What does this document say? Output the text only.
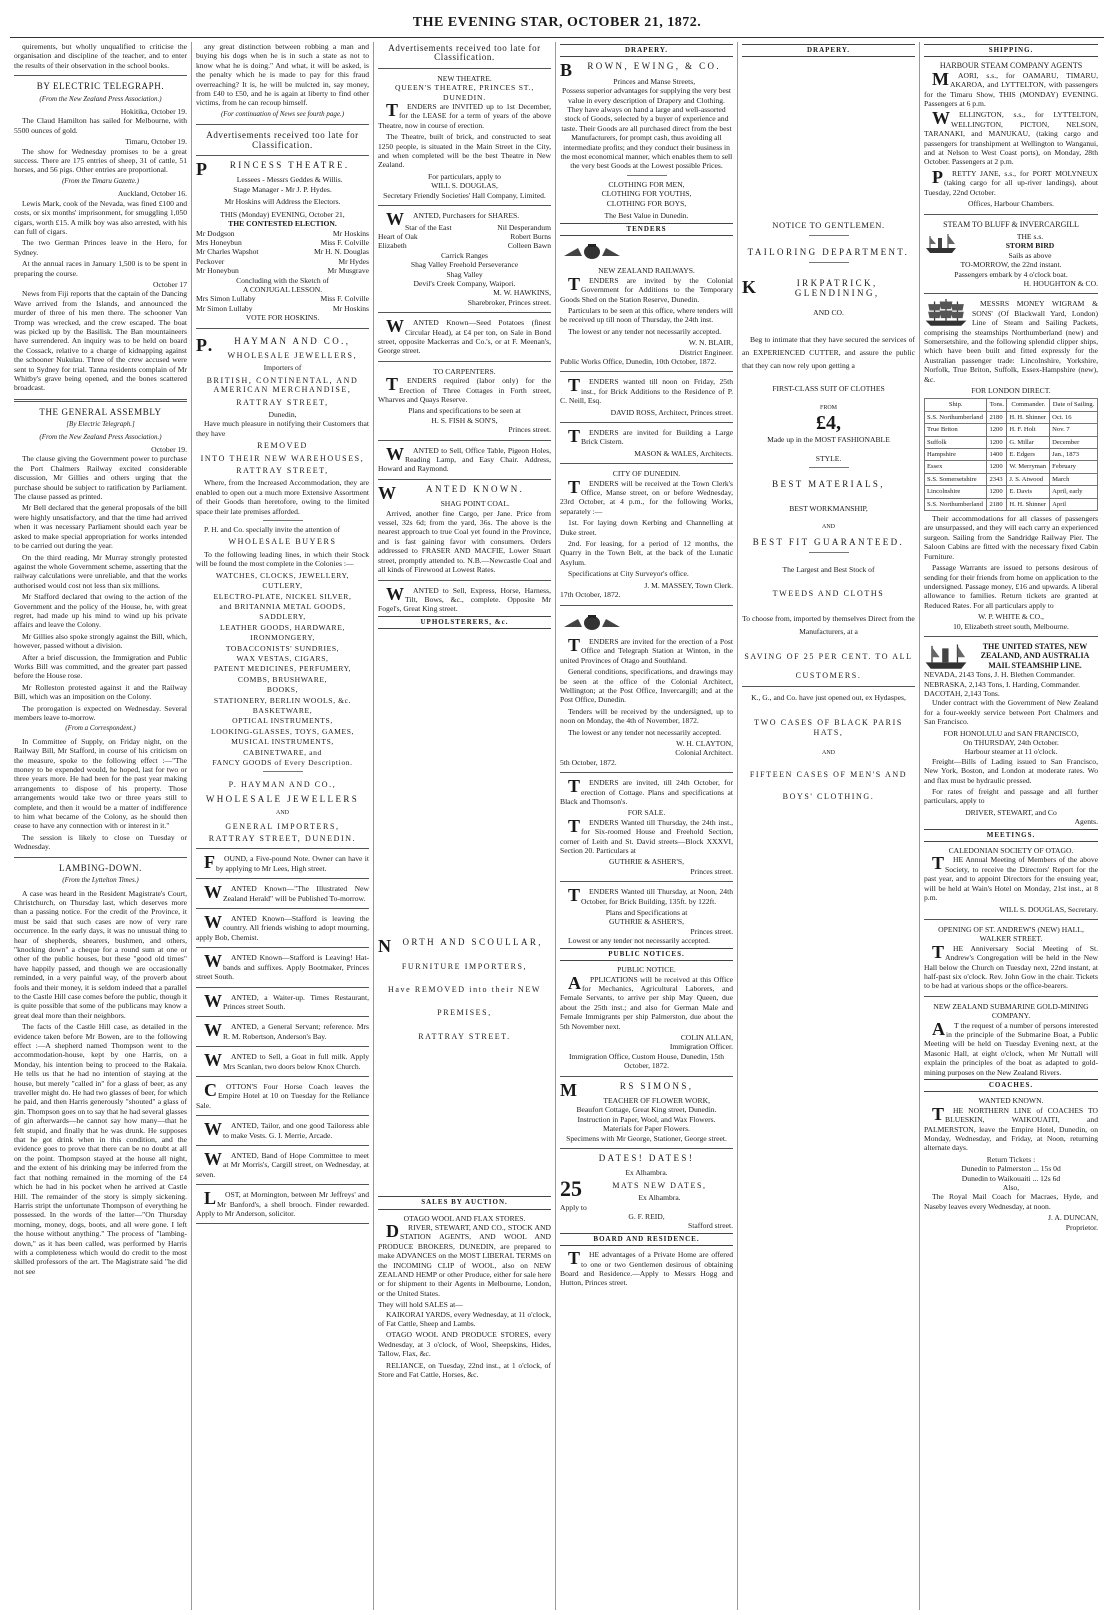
THE EVENING STAR, OCTOBER 21, 1872.
quirements, but wholly unqualified to criticise the organisation and discipline of the teacher, and to enter the results of their observation in the school books.
BY ELECTRIC TELEGRAPH.
(From the New Zealand Press Association.)
Hokitika, October 19.
The Claud Hamilton has sailed for Melbourne, with 5500 ounces of gold.
Timaru, October 19.
The show for Wednesday promises to be a great success. There are 175 entries of sheep, 31 of cattle, 51 horses, and 56 pigs. Other entries are proportional.
(From the Timaru Gazette.)
Auckland, October 16.
Lewis Mark, cook of the Nevada, was fined £100 and costs, or six months' imprisonment, for smuggling 1,050 cigars, worth £15. A milk boy was also arrested, with his can full of cigars.
The two German Princes leave in the Hero, for Sydney.
At the annual races in January 1,500 is to be spent in preparing the course.
October 17
News from Fiji reports that the captain of the Dancing Wave arrived from the Islands, and announced the murder of three of his men there. The schooner Van Tromp was wrecked, and the crew escaped. The boat was picked up by the Basilisk. The Ban mountaineers have surrendered. An inquiry was to be held on board the Cossack, relative to a charge of kidnapping against the schooner Nukulau. Three of the crew accused were sent to Sydney for trial. Tanna residents complain of Mr Whitby's grave being opened, and the bones scattered broadcast.
THE GENERAL ASSEMBLY
[By Electric Telegraph.]
(From the New Zealand Press Association.)
October 19.
The clause giving the Government power to purchase the Port Chalmers Railway excited considerable discussion, Mr Gillies and others urging that the purchase should be subject to ratification by Parliament. The clause passed as printed.
Mr Bell declared that the general proposals of the bill were highly unsatisfactory, and that the time had arrived when it was necessary Parliament should each year be asked to make special appropriation for works intended to be carried out during the year.
On the third reading, Mr Murray strongly protested against the whole Government scheme, asserting that the railway calculations were unreliable, and that the works authorised would cost not less than six millions.
Mr Stafford declared that owing to the action of the Government and the policy of the House, he, with great regret, had made up his mind to wind up his private affairs and leave the Colony.
Mr Gillies also spoke strongly against the Bill, which, however, passed without a division.
After a brief discussion, the Immigration and Public Works Bill was committed, and the greater part passed before the House rose.
Mr Rolleston protested against it and the Railway Bill, which was an imposition on the Colony.
The prorogation is expected on Wednesday. Several members leave to-morrow.
(From a Correspondent.)
In Committee of Supply, on Friday night, on the Railway Bill, Mr Stafford, in course of his criticism on the measure, spoke to the following effect :—"The money to be expended would, he hoped, last for two or three years more. He had been for the past year making arrangements to dispose of his property. Those arrangements would take two or three years still to complete, and then it would be a matter of indifference to him what became of the Colony, as he should then cease to have any connection with or interest in it."
The session is likely to close on Tuesday or Wednesday.
LAMBING-DOWN.
(From the Lyttelton Times.)
A case was heard in the Resident Magistrate's Court, Christchurch, on Thursday last, which deserves more than a passing notice. For the credit of the Province, it must be said that such cases are now of very rare occurrence. In the early days, it was no unusual thing to hear of shepherds, shearers, bushmen, and others, "knocking down" a cheque for a round sum at one or other of the public houses, but these "good old times" have happily passed, and though we are occasionally reminded, in a very painful way, of the proverb about fools and their money, it is seldom indeed that a parallel to the Castle Hill case comes before the public, though it is quite possible that some of the publicans may know a great deal more than their neighbors.
The facts of the Castle Hill case, as detailed in the evidence taken before Mr Bowen, are to the following effect :—A shepherd named Thompson went to the accommodation-house, kept by one Harris, on a Monday, his intention being to proceed to the Rakaia. He tells us that he had no intention of staying at the house, but merely "called in" for a glass of beer, as any traveller might do. He had two glasses of beer, for which he paid, and then Harris generously "shouted" a glass of gin. Thompson goes on to say that he had several glasses of gin afterwards—he cannot say how many—that he felt stupid, and finally that he was drunk. He supposes that he got drink when in this condition, and the evidence goes to prove that there can be no doubt at all on the point. Thompson stayed at the house all night, and the extent of his drinking may be inferred from the fact that nothing remained in the morning of the £4 which he had in his pocket when he arrived at Castle Hill. The remainder of the story is simply sickening. Harris stript the unfortunate Thompson of everything he possessed. In the words of the latter—"On Thursday morning, money, dogs, boots, and all were gone. I left the house without anything." The process of "lambing-down," as it has been called, was performed by Harris with a completeness which would do credit to the most skilled professors of the art. The Magistrate said "he did not see
any great distinction between robbing a man and buying his dogs when he is in such a state as not to know what he is doing." And what, it will be asked, is the penalty which he is made to pay for this fraud overreaching? It is, he will be mulcted in, say money, from £40 to £50, and he is again at liberty to find other victims, from he can recoup himself.
(For continuation of News see fourth page.)
Advertisements received too late for Classification.
PRINCESS THEATRE.
Lessees - Messrs Geddes & Willis.
Stage Manager - Mr J. P. Hydes.
Mr Hoskins will Address the Electors.
THIS (Monday) EVENING, October 21,
THE CONTESTED ELECTION.
Mr Dodgson	Mr Hoskins
Mrs Honeybun	Miss F. Colville
Mr Charles Wapshot	Mr H. N. Douglas
Peckover	Mr Hydes
Mr Honeybun	Mr Musgrave
Concluding with the Sketch of
A CONJUGAL LESSON.
Mrs Simon Lullaby	Miss F. Colville
Mr Simon Lullaby	Mr Hoskins
VOTE FOR HOSKINS.
P.HAYMAN AND CO.,
WHOLESALE JEWELLERS,
Importers of
BRITISH, CONTINENTAL, AND AMERICAN MERCHANDISE,
RATTRAY STREET,
Dunedin,
Have much pleasure in notifying their Customers that they have
REMOVED
INTO THEIR NEW WAREHOUSES,
RATTRAY STREET,
Where, from the Increased Accommodation, they are enabled to open out a much more Extensive Assortment of their Goods than heretofore, owing to the limited space their late premises afforded.
P. H. and Co. specially invite the attention of
WHOLESALE BUYERS
To the following leading lines, in which their Stock will be found the most complete in the Colonies :—
WATCHES, CLOCKS, JEWELLERY,
CUTLERY,
ELECTRO-PLATE, NICKEL SILVER,
and BRITANNIA METAL GOODS,
SADDLERY,
LEATHER GOODS, HARDWARE,
IRONMONGERY,
TOBACCONISTS' SUNDRIES,
WAX VESTAS, CIGARS,
PATENT MEDICINES, PERFUMERY,
COMBS, BRUSHWARE,
BOOKS,
STATIONERY, BERLIN WOOLS, &c.
BASKETWARE,
OPTICAL INSTRUMENTS,
LOOKING-GLASSES, TOYS, GAMES,
MUSICAL INSTRUMENTS,
CABINETWARE, and
FANCY GOODS of Every Description.
P. HAYMAN AND CO.,
WHOLESALE JEWELLERS
AND
GENERAL IMPORTERS,
RATTRAY STREET, DUNEDIN.
FOUND, a Five-pound Note. Owner can have it by applying to Mr Lees, High street.
WANTED Known—"The Illustrated New Zealand Herald" will be Published To-morrow.
WANTED Known—Stafford is leaving the country. All friends wishing to adopt mourning, apply Bob, Chemist.
WANTED Known—Stafford is Leaving! Hat-bands and suffixes. Apply Bootmaker, Princes street South.
WANTED, a Waiter-up. Times Restaurant, Princes street South.
WANTED, a General Servant; reference. Mrs R. M. Robertson, Anderson's Bay.
WANTED to Sell, a Goat in full milk. Apply Mrs Scanlan, two doors below Knox Church.
COTTON'S Four Horse Coach leaves the Empire Hotel at 10 on Tuesday for the Reliance Sale.
WANTED, Tailor, and one good Tailoress able to make Vests. G. I. Merrie, Arcade.
WANTED, Band of Hope Committee to meet at Mr Morris's, Cargill street, on Wednesday, at seven.
LOST, at Mornington, between Mr Jeffreys' and Mr Banford's, a shell brooch. Finder rewarded. Apply to Mr Anderson, solicitor.
Advertisements received too late for Classification.
NEW THEATRE.
QUEEN'S THEATRE, PRINCES ST., DUNEDIN.
TENDERS are INVITED up to 1st December, for the LEASE for a term of years of the above Theatre, now in course of erection.
The Theatre, built of brick, and constructed to seat 1250 people, is situated in the Main Street in the City, and when completed will be the best Theatre in New Zealand.
For particulars, apply to
WILL S. DOUGLAS,
Secretary Friendly Societies' Hall Company, Limited.
WANTED, Purchasers for SHARES.
Star of the East	Nil Desperandum
Heart of Oak	Robert Burns
Elizabeth	Colleen Bawn
Carrick Ranges
Shag Valley Freehold Perseverance
Shag Valley
Devil's Creek Company, Waipori.
M. W. HAWKINS,
Sharebroker, Princes street.
WANTED Known—Seed Potatoes (finest Circular Head), at £4 per ton, on Sale in Bond street, opposite Mackerras and Co.'s, or at F. Meenan's, George street.
TO CARPENTERS.
TENDERS required (labor only) for the Erection of Three Cottages in Forth street, Wharves and Quays Reserve.
Plans and specifications to be seen at
H. S. FISH & SON'S,
Princes street.
WANTED to Sell, Office Table, Pigeon Holes, Reading Lamp, and Easy Chair. Address, Howard and Raymond.
WANTED KNOWN.
SHAG POINT COAL.
Arrived, another fine Cargo, per Jane. Price from vessel, 32s 6d; from the yard, 36s. The above is the nearest approach to true Coal yet found in the Province, and is fast gaining favor with consumers. Orders addressed to FRASER AND MACFIE, Lower Stuart street, promptly attended to. N.B.—Newcastle Coal and all kinds of Firewood at Lowest Rates.
WANTED to Sell, Express, Horse, Harness, Tilt, Bows, &c., complete. Opposite Mr Fogel's, Great King street.
UPHOLSTERERS, &c.
NORTH AND SCOULLAR,
FURNITURE IMPORTERS,
Have REMOVED into their NEW
PREMISES,
RATTRAY STREET.
SALES BY AUCTION.
OTAGO WOOL AND FLAX STORES.
DRIVER, STEWART, AND CO., STOCK AND STATION AGENTS, AND WOOL AND PRODUCE BROKERS, DUNEDIN, are prepared to make ADVANCES on the MOST LIBERAL TERMS on the INCOMING CLIP of WOOL, also on NEW ZEALAND HEMP or other Produce, either for sale here or for shipment to their Agents in Melbourne, London, or the United States.
They will hold SALES at—
KAIKORAI YARDS, every Wednesday, at 11 o'clock, of Fat Cattle, Sheep and Lambs.
OTAGO WOOL AND PRODUCE STORES, every Wednesday, at 3 o'clock, of Wool, Sheepskins, Hides, Tallow, Flax, &c.
RELIANCE, on Tuesday, 22nd inst., at 1 o'clock, of Store and Fat Cattle, Horses, &c.
DRAPERY.
BROWN, EWING, & CO.
Princes and Manse Streets,
Possess superior advantages for supplying the very best value in every description of Drapery and Clothing. They have always on hand a large and well-assorted stock of Goods, selected by a buyer of experience and taste. Their Goods are all purchased direct from the best Manufacturers, for prompt cash, thus avoiding all intermediate profits; and they conduct their business in the most economical manner, which enables them to sell the very best Goods at the Lowest possible Prices.
CLOTHING FOR MEN,
CLOTHING FOR YOUTHS,
CLOTHING FOR BOYS,
The Best Value in Dunedin.
TENDERS
NEW ZEALAND RAILWAYS.
TENDERS are invited by the Colonial Government for Additions to the Temporary Goods Shed on the Station Reserve, Dunedin.
Particulars to be seen at this office, where tenders will be received up till noon of Thursday, the 24th inst.
The lowest or any tender not necessarily accepted.
W. N. BLAIR,
District Engineer.
Public Works Office, Dunedin, 10th October, 1872.
TENDERS wanted till noon on Friday, 25th inst., for Brick Additions to the Residence of P. C. Neill, Esq.
DAVID ROSS, Architect, Princes street.
TENDERS are invited for Building a Large Brick Cistern.
MASON & WALES, Architects.
CITY OF DUNEDIN.
TENDERS will be received at the Town Clerk's Office, Manse street, on or before Wednesday, 23rd October, at 4 p.m., for the following Works, separately :—
1st. For laying down Kerbing and Channelling at Duke street.
2nd. For leasing, for a period of 12 months, the Quarry in the Town Belt, at the back of the Lunatic Asylum.
Specifications at City Surveyor's office.
J. M. MASSEY, Town Clerk.
17th October, 1872.
TENDERS are invited for the erection of a Post Office and Telegraph Station at Winton, in the united Provinces of Otago and Southland.
General conditions, specifications, and drawings may be seen at the office of the Colonial Architect, Wellington; at the Post Office, Invercargill; and at the Post Office, Dunedin.
Tenders will be received by the undersigned, up to noon on Monday, the 4th of November, 1872.
The lowest or any tender not necessarily accepted.
W. H. CLAYTON,
Colonial Architect.
5th October, 1872.
TENDERS are invited, till 24th October, for erection of Cottage. Plans and specifications at Black and Thomson's.
FOR SALE.
TENDERS Wanted till Thursday, the 24th inst., for Six-roomed House and Freehold Section, corner of Leith and St. David streets—Block XXXVI, Section 20. Particulars at
GUTHRIE & ASHER'S,
Princes street.
TENDERS Wanted till Thursday, at Noon, 24th October, for Brick Building, 135ft. by 122ft.
Plans and Specifications at
GUTHRIE & ASHER'S,
Princes street.
Lowest or any tender not necessarily accepted.
PUBLIC NOTICES.
PUBLIC NOTICE.
APPLICATIONS will be received at this Office for Mechanics, Agricultural Laborers, and Female Servants, to arrive per ship May Queen, due about the 25th inst.; and also for German Male and Female Immigrants per ship Palmerston, due about the 5th November next.
COLIN ALLAN,
Immigration Officer.
Immigration Office, Custom House, Dunedin, 15th October, 1872.
MRS SIMONS,
TEACHER OF FLOWER WORK,
Beaufort Cottage, Great King street, Dunedin.
Instruction in Paper, Wool, and Wax Flowers.
Materials for Paper Flowers.
Specimens with Mr George, Stationer, George street.
DATES! DATES!
Ex Alhambra.
25	MATS NEW DATES,
Ex Alhambra.
Apply to
G. F. REID,
Stafford street.
BOARD AND RESIDENCE.
THE advantages of a Private Home are offered to one or two Gentlemen desirous of obtaining Board and Residence.—Apply to Messrs Hogg and Hutton, Princes street.
DRAPERY.
NOTICE TO GENTLEMEN.
TAILORING DEPARTMENT.
KIRKPATRICK, GLENDINING,
AND CO.
Beg to intimate that they have secured the services of an EXPERIENCED CUTTER, and assure the public that they can now rely upon getting a
FIRST-CLASS SUIT OF CLOTHES
FROM
£4,
Made up in the MOST FASHIONABLE
STYLE.
BEST MATERIALS,
BEST WORKMANSHIP,
AND
BEST FIT GUARANTEED.
The Largest and Best Stock of
TWEEDS AND CLOTHS
To choose from, imported by themselves Direct from the Manufacturers, at a
SAVING OF 25 PER CENT. TO ALL
CUSTOMERS.
K., G., and Co. have just opened out, ex Hydaspes,
TWO CASES OF BLACK PARIS HATS,
AND
FIFTEEN CASES OF MEN'S AND
BOYS' CLOTHING.
SHIPPING.
HARBOUR STEAM COMPANY AGENTS
MAORI, s.s., for OAMARU, TIMARU, AKAROA, and LYTTELTON, with passengers for the Timaru Show, THIS (MONDAY) EVENING. Passengers at 6 p.m.
WELLINGTON, s.s., for LYTTELTON, WELLINGTON, PICTON, NELSON, TARANAKI, and MANUKAU, (taking cargo and passengers for transhipment at Wellington to Wanganui, and at Nelson to West Coast ports), on Monday, 28th October. Passengers at 2 p.m.
PRETTY JANE, s.s., for PORT MOLYNEUX (taking cargo for all up-river landings), about Tuesday, 22nd October.
Offices, Harbour Chambers.
STEAM TO BLUFF & INVERCARGILL
THE s.s.
STORM BIRD
Sails as above
TO-MORROW, the 22nd instant.
Passengers embark by 4 o'clock boat.
H. HOUGHTON & CO.
MESSRS MONEY WIGRAM & SONS' (Of Blackwall Yard, London) Line of Steam and Sailing Packets, comprising the steamships Northumberland (new) and Somersetshire, and the following splendid clipper ships, which have been built and fitted expressly for the Australian passenger trade: Lincolnshire, Yorkshire, Norfolk, True Briton, Suffolk, Essex-Hampshire (new), &c.
FOR LONDON DIRECT.
Ship.	Tons.	Commander.	Date of Sailing.
S.S. Northumberland	2180	H. H. Shinner	Oct. 16
True Briton	1200	H. F. Holt	Nov. 7
Suffolk	1200	G. Millar	December
Hampshire	1400	E. Edgers	Jan., 1873
Essex	1200	W. Merryman	February
S.S. Somersetshire	2343	J. S. Atwood	March
Lincolnshire	1200	E. Davis	April, early
S.S. Northumberland	2180	H. H. Shinner	April
Their accommodations for all classes of passengers are unsurpassed, and they will each carry an experienced surgeon. Sailing from the Sandridge Railway Pier. The Saloon Cabins are fitted with the necessary fixed Cabin Furniture.
Passage Warrants are issued to persons desirous of sending for their friends from home on application to the undersigned. Passage money, £16 and upwards. A liberal allowance to families. Return tickets are granted at Reduced Rates. For all particulars apply to
W. P. WHITE & CO.,
10, Elizabeth street south, Melbourne.
THE UNITED STATES, NEW ZEALAND, AND AUSTRALIA MAIL STEAMSHIP LINE.
NEVADA, 2143 Tons, J. H. Blethen Commander.
NEBRASKA, 2,143 Tons, I. Harding, Commander.
DACOTAH, 2,143 Tons.
Under contract with the Government of New Zealand for a four-weekly service between Port Chalmers and San Francisco.
FOR HONOLULU and SAN FRANCISCO,
On THURSDAY, 24th October.
Harbour steamer at 11 o'clock.
Freight—Bills of Lading issued to San Francisco, New York, Boston, and London at moderate rates. Wo and flax must be hydraulic pressed.
For rates of freight and passage and all further particulars, apply to
DRIVER, STEWART, and Co
Agents.
MEETINGS.
CALEDONIAN SOCIETY OF OTAGO.
THE Annual Meeting of Members of the above Society, to receive the Directors' Report for the past year, and to appoint Directors for the ensuing year, will be held at Wain's Hotel on Monday, 21st inst., at 8 p.m.
WILL S. DOUGLAS, Secretary.
OPENING OF ST. ANDREW'S (NEW) HALL, WALKER STREET.
THE Anniversary Social Meeting of St. Andrew's Congregation will be held in the New Hall below the Church on Tuesday next, 22nd instant, at half-past six o'clock. Rev. John Gow in the chair. Tickets to be had at various shops or the office-bearers.
NEW ZEALAND SUBMARINE GOLD-MINING COMPANY.
AT the request of a number of persons interested in the principle of the Submarine Boat, a Public Meeting will be held on Tuesday Evening next, at the Masonic Hall, at eight o'clock, when Mr Nuttall will explain the principles of the boat as adapted to gold-mining purposes on the New Zealand Rivers.
COACHES.
WANTED KNOWN.
THE NORTHERN LINE of COACHES TO BLUESKIN, WAIKOUAITI, and PALMERSTON, leave the Empire Hotel, Dunedin, on Monday, Wednesday, and Friday, at Noon, returning alternate days.
Return Tickets :
Dunedin to Palmerston ... 15s 0d
Dunedin to Waikouaiti ... 12s 6d
Also,
The Royal Mail Coach for Macraes, Hyde, and Naseby leaves every Wednesday, at noon.
J. A. DUNCAN,
Proprietor.
